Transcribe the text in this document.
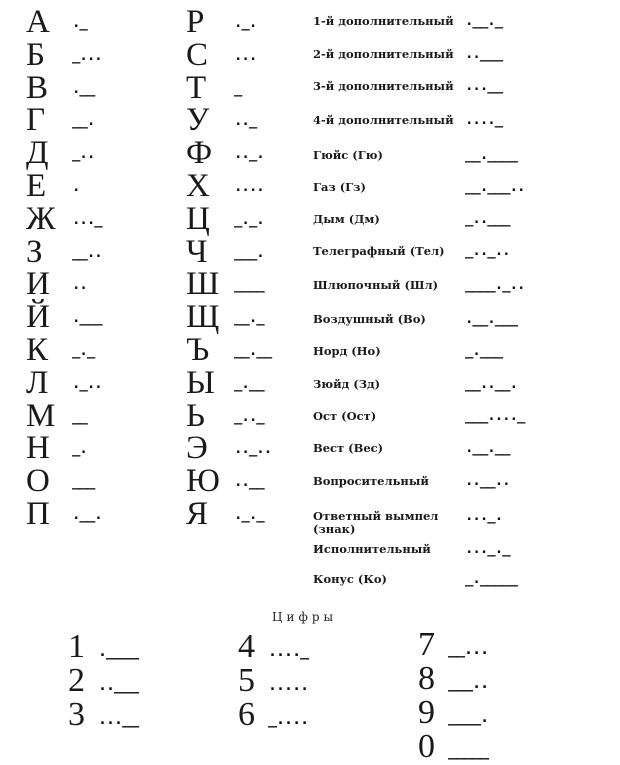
А ._
Б _...
В .__
Г __.
Д _..
Е .
Ж ..._
З __..
И ..
Й .___
К _._
Л ._..
М __
Н _.
О ___
П .__.
Р ._.
С ...
Т _
У .._
Ф .._.
Х ....
Ц _._.
Ч ___.
Ш ____
Щ __._
Ъ __.__
Ы _.__
Ь _.._
Э .._..
Ю ..__
Я ._._
1-й дополнительный .__._
2-й дополнительный ..___
3-й дополнительный ...__
4-й дополнительный ...._
Гюйс (Гю)	__.____
Газ (Гз)	__.___..
Дым (Дм)	_..___
Телеграфный (Тел) _.._..
Шлюпочный (Шл) ____._..
Воздушный (Во)	.__.___
Норд (Но)	_.___
Зюйд (Зд)	__..__.
Ост (Ост)	___...._
Вест (Вес)	.__.__
Вопросительный	..__..
Ответный вымпел (знак)
..._.
Исполнительный ..._._
Конус (Ко)	_._____
Цифры
1 .____
2 ..___
3 ...__
4 ...._
5 .....
6 _....
7 __...
8 ___..
9 ____.
0 _____
